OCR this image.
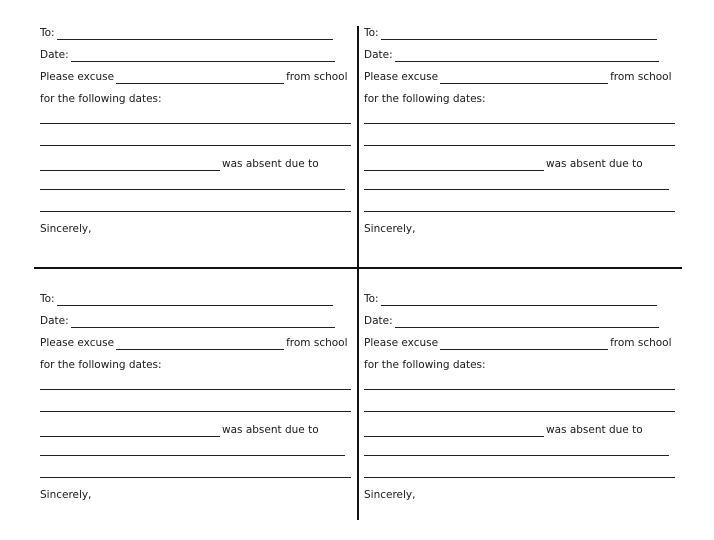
To:
Date:
Please excuse	from school
for the following dates:
was absent due to
Sincerely,
To:
Date:
Please excuse	from school
for the following dates:
was absent due to
Sincerely,
To:
Date:
Please excuse	from school
for the following dates:
was absent due to
Sincerely,
To:
Date:
Please excuse	from school
for the following dates:
was absent due to
Sincerely,
